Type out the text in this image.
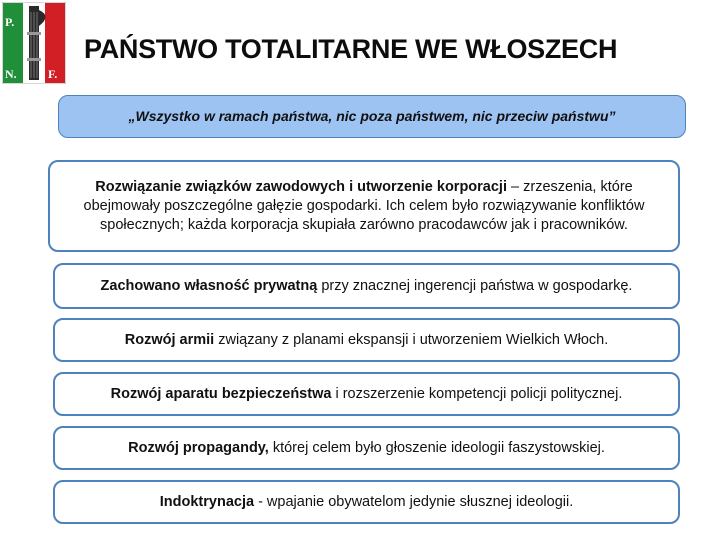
P.
N.	F.
PAŃSTWO TOTALITARNE WE WŁOSZECH
„Wszystko w ramach państwa, nic poza państwem, nic przeciw państwu”
Rozwiązanie związków zawodowych i utworzenie korporacji – zrzeszenia, które obejmowały poszczególne gałęzie gospodarki. Ich celem było rozwiązywanie konfliktów społecznych; każda korporacja skupiała zarówno pracodawców jak i pracowników.
Zachowano własność prywatną przy znacznej ingerencji państwa w gospodarkę.
Rozwój armii związany z planami ekspansji i utworzeniem Wielkich Włoch.
Rozwój aparatu bezpieczeństwa i rozszerzenie kompetencji policji politycznej.
Rozwój propagandy, której celem było głoszenie ideologii faszystowskiej.
Indoktrynacja - wpajanie obywatelom jedynie słusznej ideologii.
